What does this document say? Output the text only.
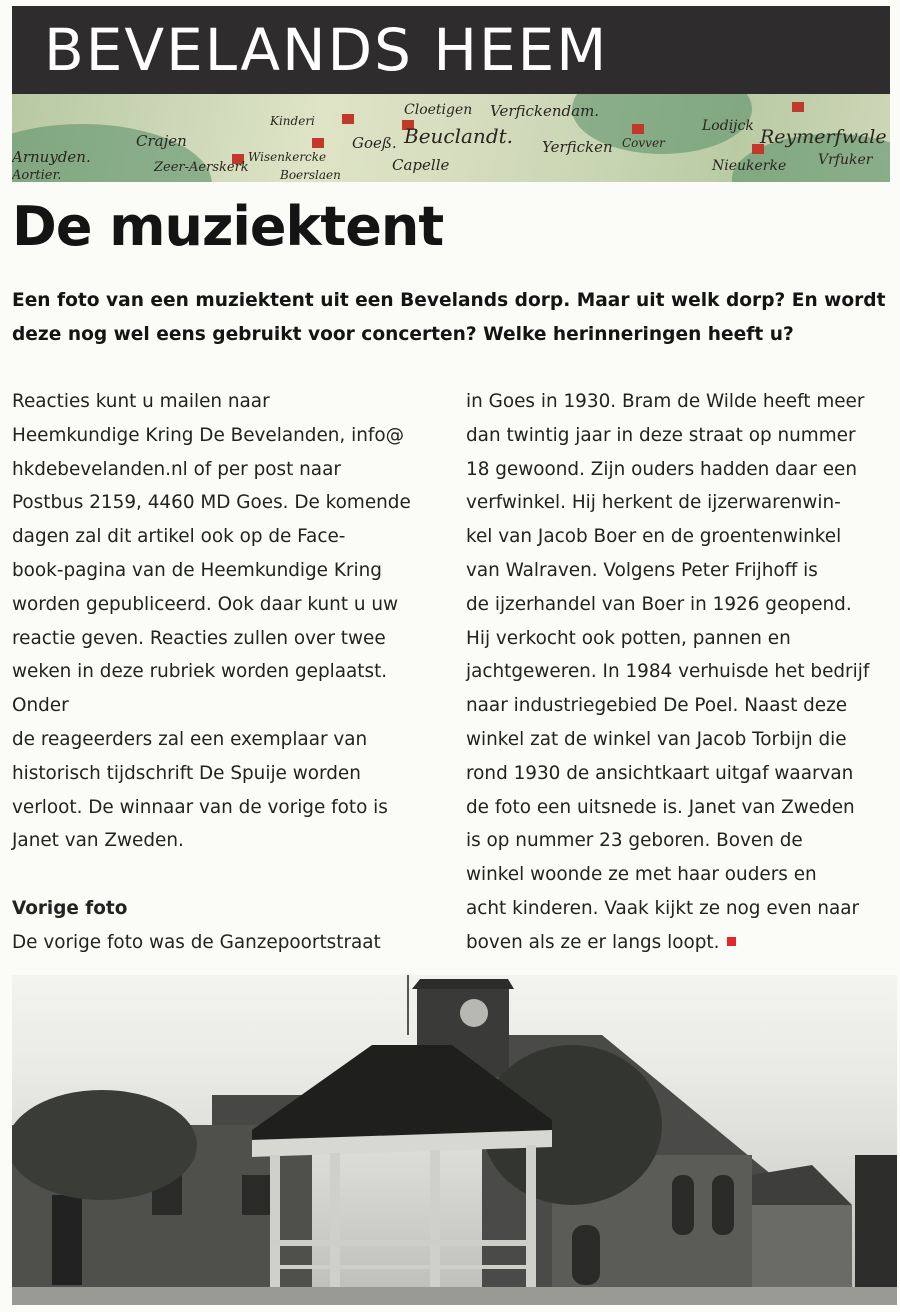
BEVELANDS HEEM
Arnuyden.
Aortier.
Crajen
Zeer-Aerskerk
Kinderi
Wisenkercke
Goeß.
Boerslaen
Cloetigen
Beuclandt.
Capelle
Verfickendam.
Yerficken Covver
Lodijck Reymerfwale
Nieukerke Vrfuker
De muziektent

Een foto van een muziektent uit een Bevelands dorp. Maar uit welk dorp? En wordt deze nog wel eens gebruikt voor concerten? Welke herinneringen heeft u?

Reacties kunt u mailen naar
Heemkundige Kring De Bevelanden, info@
hkdebevelanden.nl of per post naar
Postbus 2159, 4460 MD Goes. De komende
dagen zal dit artikel ook op de Face-
book-pagina van de Heemkundige Kring
worden gepubliceerd. Ook daar kunt u uw
reactie geven. Reacties zullen over twee
weken in deze rubriek worden geplaatst.
Onder
de reageerders zal een exemplaar van
historisch tijdschrift De Spuije worden
verloot. De winnaar van de vorige foto is
Janet van Zweden.
Vorige foto
De vorige foto was de Ganzepoortstraat
in Goes in 1930. Bram de Wilde heeft meer
dan twintig jaar in deze straat op nummer
18 gewoond. Zijn ouders hadden daar een
verfwinkel. Hij herkent de ijzerwarenwin-
kel van Jacob Boer en de groentenwinkel
van Walraven. Volgens Peter Frijhoff is
de ijzerhandel van Boer in 1926 geopend.
Hij verkocht ook potten, pannen en
jachtgeweren. In 1984 verhuisde het bedrijf
naar industriegebied De Poel. Naast deze
winkel zat de winkel van Jacob Torbijn die
rond 1930 de ansichtkaart uitgaf waarvan
de foto een uitsnede is. Janet van Zweden
is op nummer 23 geboren. Boven de
winkel woonde ze met haar ouders en
acht kinderen. Vaak kijkt ze nog even naar
boven als ze er langs loopt.
